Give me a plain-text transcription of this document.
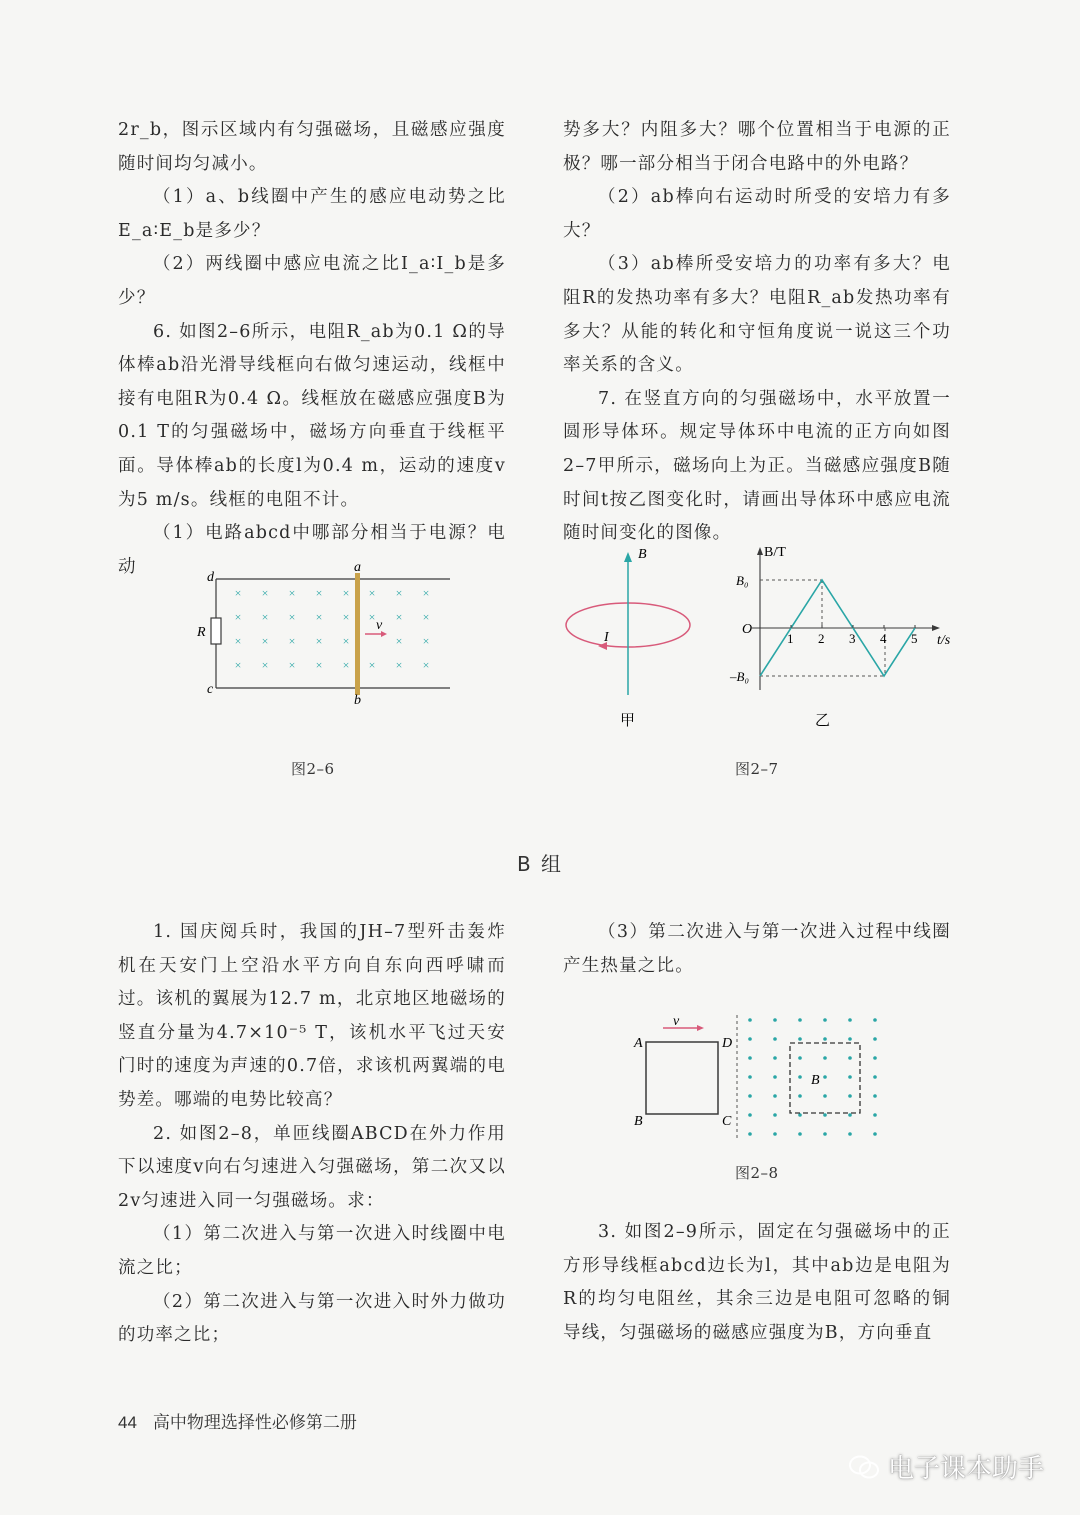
2r_b，图示区域内有匀强磁场，且磁感应强度随时间均匀减小。

（1）a、b线圈中产生的感应电动势之比E_a∶E_b是多少？

（2）两线圈中感应电流之比I_a∶I_b是多少？

6. 如图2–6所示，电阻R_ab为0.1 Ω的导体棒ab沿光滑导线框向右做匀速运动，线框中接有电阻R为0.4 Ω。线框放在磁感应强度B为0.1 T的匀强磁场中，磁场方向垂直于线框平面。导体棒ab的长度l为0.4 m，运动的速度v为5 m/s。线框的电阻不计。

（1）电路abcd中哪部分相当于电源？电动

势多大？内阻多大？哪个位置相当于电源的正极？哪一部分相当于闭合电路中的外电路？

（2）ab棒向右运动时所受的安培力有多大？

（3）ab棒所受安培力的功率有多大？电阻R的发热功率有多大？电阻R_ab发热功率有多大？从能的转化和守恒角度说一说这三个功率关系的含义。

7. 在竖直方向的匀强磁场中，水平放置一圆形导体环。规定导体环中电流的正方向如图2–7甲所示，磁场向上为正。当磁感应强度B随时间t按乙图变化时，请画出导体环中感应电流随时间变化的图像。

×
×
×
×
×
×
×
×
×
×
×
×
×
×
×
×
×
×
×
×
×
×
×
×
×
×
×
×
×
×
×
d
c
a
b
R	v
图2–6
B
I
甲
B/T
t/s
O
B₀
–B₀
1 2 3 4 5
乙
图2–7
B 组

1. 国庆阅兵时，我国的JH–7型歼击轰炸机在天安门上空沿水平方向自东向西呼啸而过。该机的翼展为12.7 m，北京地区地磁场的竖直分量为4.7×10⁻⁵ T，该机水平飞过天安门时的速度为声速的0.7倍，求该机两翼端的电势差。哪端的电势比较高？

2. 如图2–8，单匝线圈ABCD在外力作用下以速度v向右匀速进入匀强磁场，第二次又以2v匀速进入同一匀强磁场。求：

（1）第二次进入与第一次进入时线圈中电流之比；

（2）第二次进入与第一次进入时外力做功的功率之比；

（3）第二次进入与第一次进入过程中线圈产生热量之比。

v
A	D
B	C
B
图2–8

3. 如图2–9所示，固定在匀强磁场中的正方形导线框abcd边长为l，其中ab边是电阻为R的均匀电阻丝，其余三边是电阻可忽略的铜导线，匀强磁场的磁感应强度为B，方向垂直

44 高中物理选择性必修第二册
电子课本助手
